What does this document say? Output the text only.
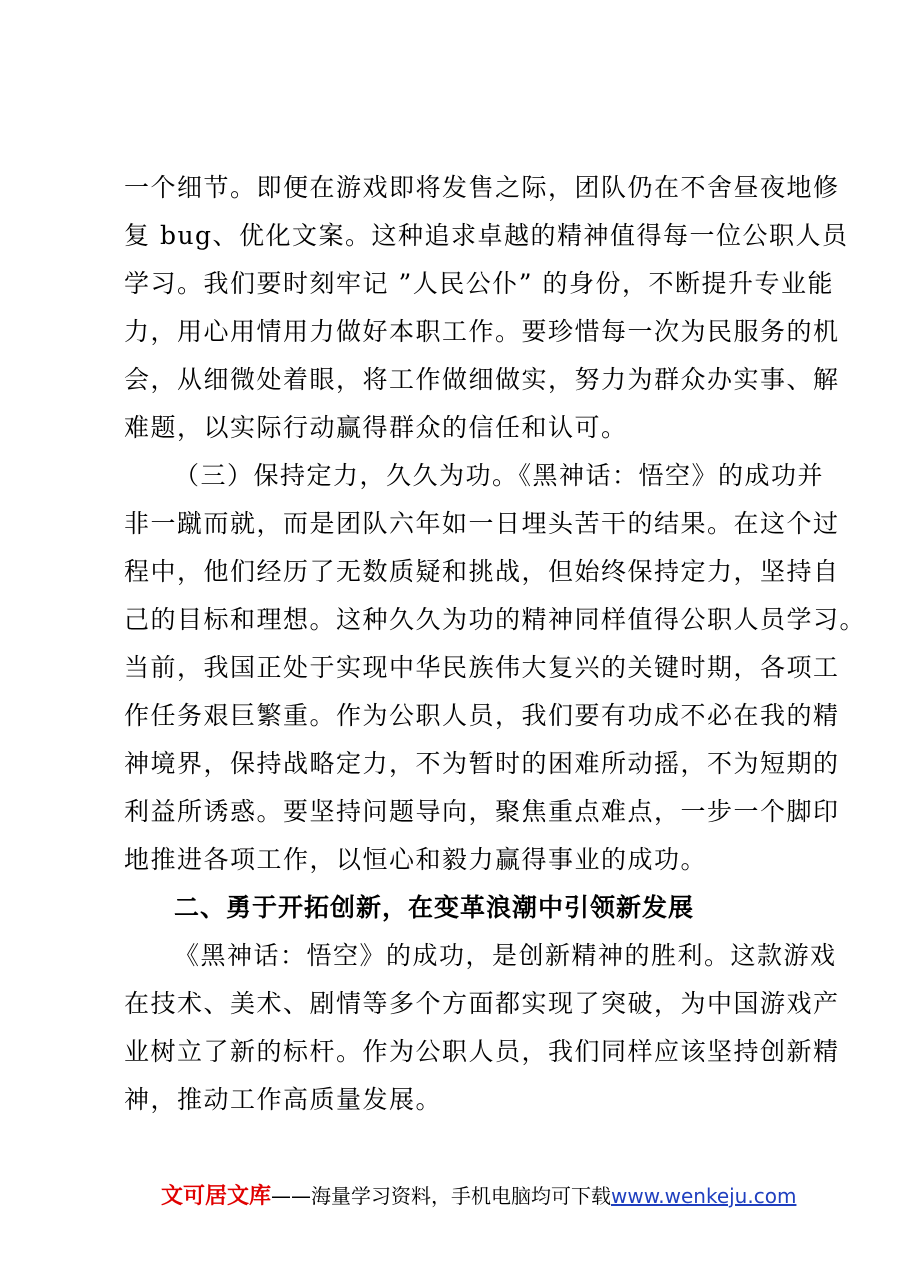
一个细节。即便在游戏即将发售之际，团队仍在不舍昼夜地修
复 bug、优化文案。这种追求卓越的精神值得每一位公职人员
学习。我们要时刻牢记 ”人民公仆” 的身份，不断提升专业能
力，用心用情用力做好本职工作。要珍惜每一次为民服务的机
会，从细微处着眼，将工作做细做实，努力为群众办实事、解
难题，以实际行动赢得群众的信任和认可。
（三）保持定力，久久为功。《黑神话：悟空》的成功并
非一蹴而就，而是团队六年如一日埋头苦干的结果。在这个过
程中，他们经历了无数质疑和挑战，但始终保持定力，坚持自
己的目标和理想。这种久久为功的精神同样值得公职人员学习。
当前，我国正处于实现中华民族伟大复兴的关键时期，各项工
作任务艰巨繁重。作为公职人员，我们要有功成不必在我的精
神境界，保持战略定力，不为暂时的困难所动摇，不为短期的
利益所诱惑。要坚持问题导向，聚焦重点难点，一步一个脚印
地推进各项工作，以恒心和毅力赢得事业的成功。
二、勇于开拓创新，在变革浪潮中引领新发展
《黑神话：悟空》的成功，是创新精神的胜利。这款游戏
在技术、美术、剧情等多个方面都实现了突破，为中国游戏产
业树立了新的标杆。作为公职人员，我们同样应该坚持创新精
神，推动工作高质量发展。
文可居文库——海量学习资料，手机电脑均可下载www.wenkeju.com
